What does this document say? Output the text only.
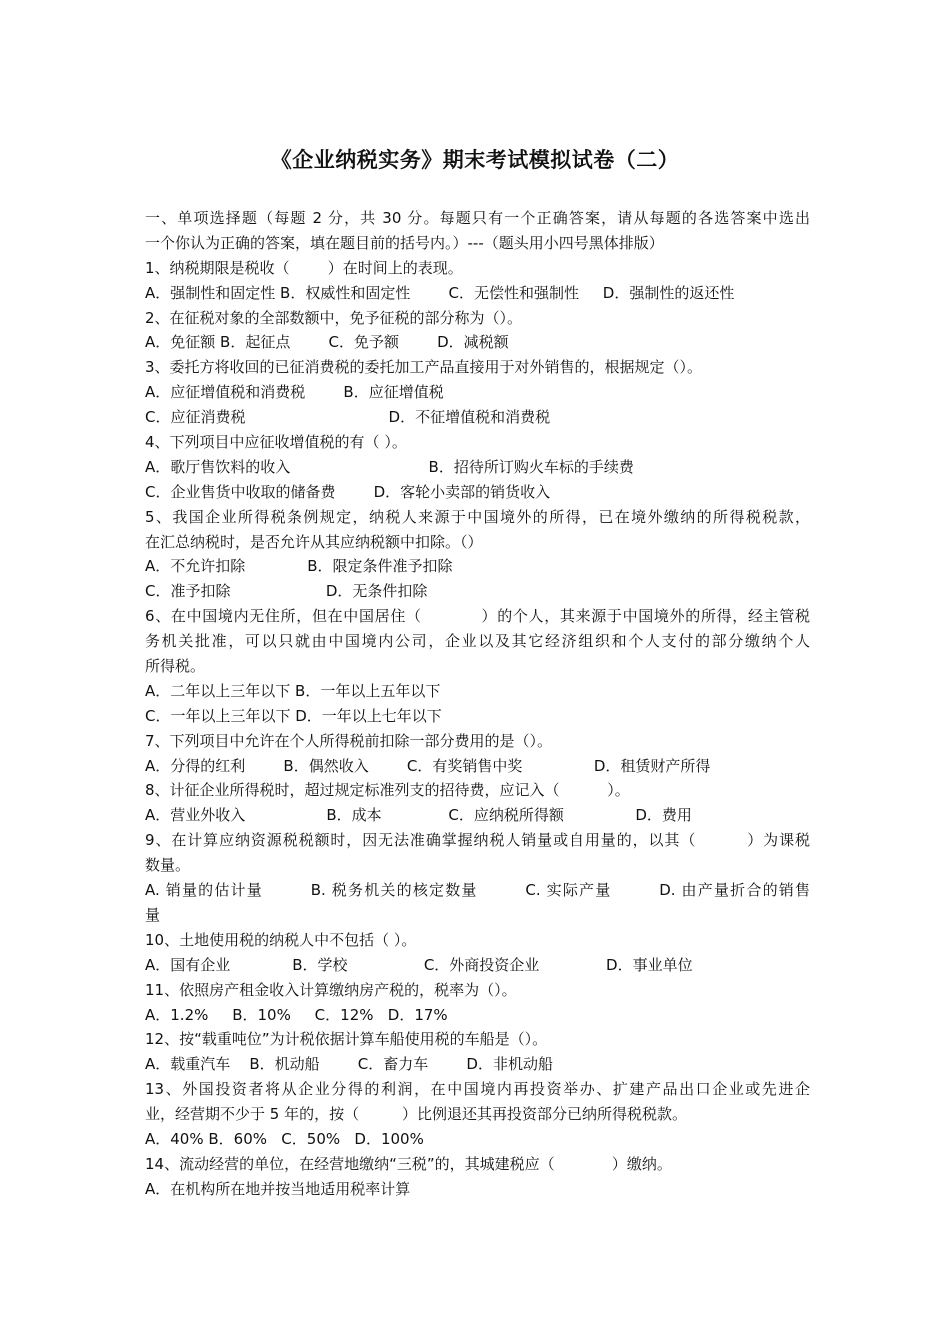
《企业纳税实务》期末考试模拟试卷（二）
一、单项选择题（每题 2 分，共 30 分。每题只有一个正确答案，请从每题的各选答案中选出
一个你认为正确的答案，填在题目前的括号内。）---（题头用小四号黑体排版）
1、纳税期限是税收（        ）在时间上的表现。
A．强制性和固定性 B．权威性和固定性        C．无偿性和强制性     D．强制性的返还性
2、在征税对象的全部数额中，免予征税的部分称为（）。
A．免征额 B．起征点        C．免予额        D．减税额
3、委托方将收回的已征消费税的委托加工产品直接用于对外销售的，根据规定（）。
A．应征增值税和消费税        B．应征增值税
C．应征消费税                              D．不征增值税和消费税
4、下列项目中应征收增值税的有（ ）。
A．歌厅售饮料的收入                             B．招待所订购火车标的手续费
C．企业售货中收取的储备费        D．客轮小卖部的销货收入
5、我国企业所得税条例规定，纳税人来源于中国境外的所得，已在境外缴纳的所得税税款，
在汇总纳税时，是否允许从其应纳税额中扣除。（）
A．不允许扣除             B．限定条件准予扣除
C．准予扣除                    D．无条件扣除
6、在中国境内无住所，但在中国居住（           ）的个人，其来源于中国境外的所得，经主管税
务机关批准，可以只就由中国境内公司，企业以及其它经济组织和个人支付的部分缴纳个人
所得税。
A．二年以上三年以下 B．一年以上五年以下
C．一年以上三年以下 D．一年以上七年以下
7、下列项目中允许在个人所得税前扣除一部分费用的是（）。
A．分得的红利        B．偶然收入        C．有奖销售中奖               D．租赁财产所得
8、计征企业所得税时，超过规定标准列支的招待费，应记入（          ）。
A．营业外收入                 B．成本              C．应纳税所得额               D．费用
9、在计算应纳资源税税额时，因无法准确掌握纳税人销量或自用量的，以其（         ）为课税
数量。
A. 销量的估计量        B. 税务机关的核定数量        C. 实际产量        D. 由产量折合的销售
量
10、土地使用税的纳税人中不包括（ ）。
A．国有企业             B．学校                C．外商投资企业              D．事业单位
11、依照房产租金收入计算缴纳房产税的，税率为（）。
A．1.2%     B．10%     C．12%   D．17%
12、按“载重吨位”为计税依据计算车船使用税的车船是（）。
A．载重汽车    B．机动船        C．畜力车        D．非机动船
13、外国投资者将从企业分得的利润，在中国境内再投资举办、扩建产品出口企业或先进企
业，经营期不少于 5 年的，按（         ）比例退还其再投资部分已纳所得税税款。
A．40% B．60%   C．50%   D．100%
14、流动经营的单位，在经营地缴纳“三税”的，其城建税应（            ）缴纳。
A．在机构所在地并按当地适用税率计算
